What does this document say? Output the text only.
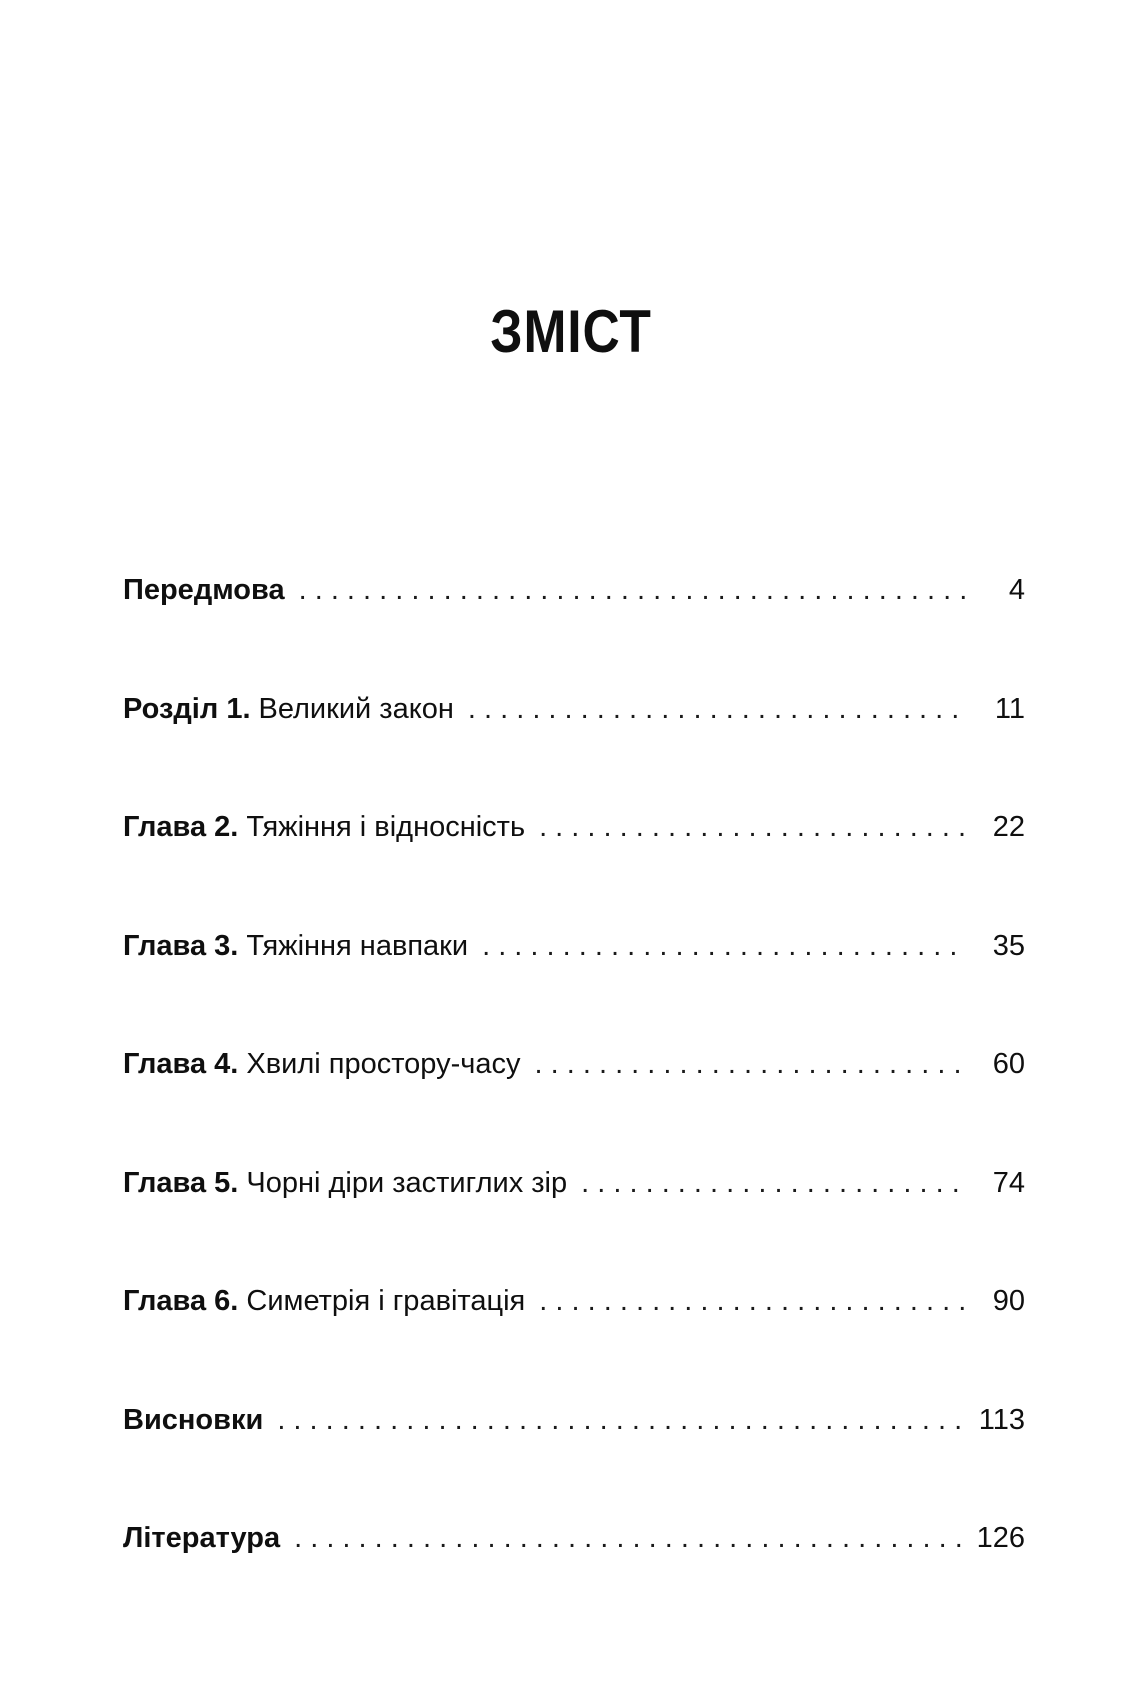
ЗМІСТ
Передмова . . .	4
Розділ 1. Великий закон . . .	11
Глава 2. Тяжіння і відносність . . .	22
Глава 3. Тяжіння навпаки . . .	35
Глава 4. Хвилі простору-часу . . .	60
Глава 5. Чорні діри застиглих зір . . .	74
Глава 6. Симетрія і гравітація . . .	90
Висновки . . .	113
Література . . .	126
